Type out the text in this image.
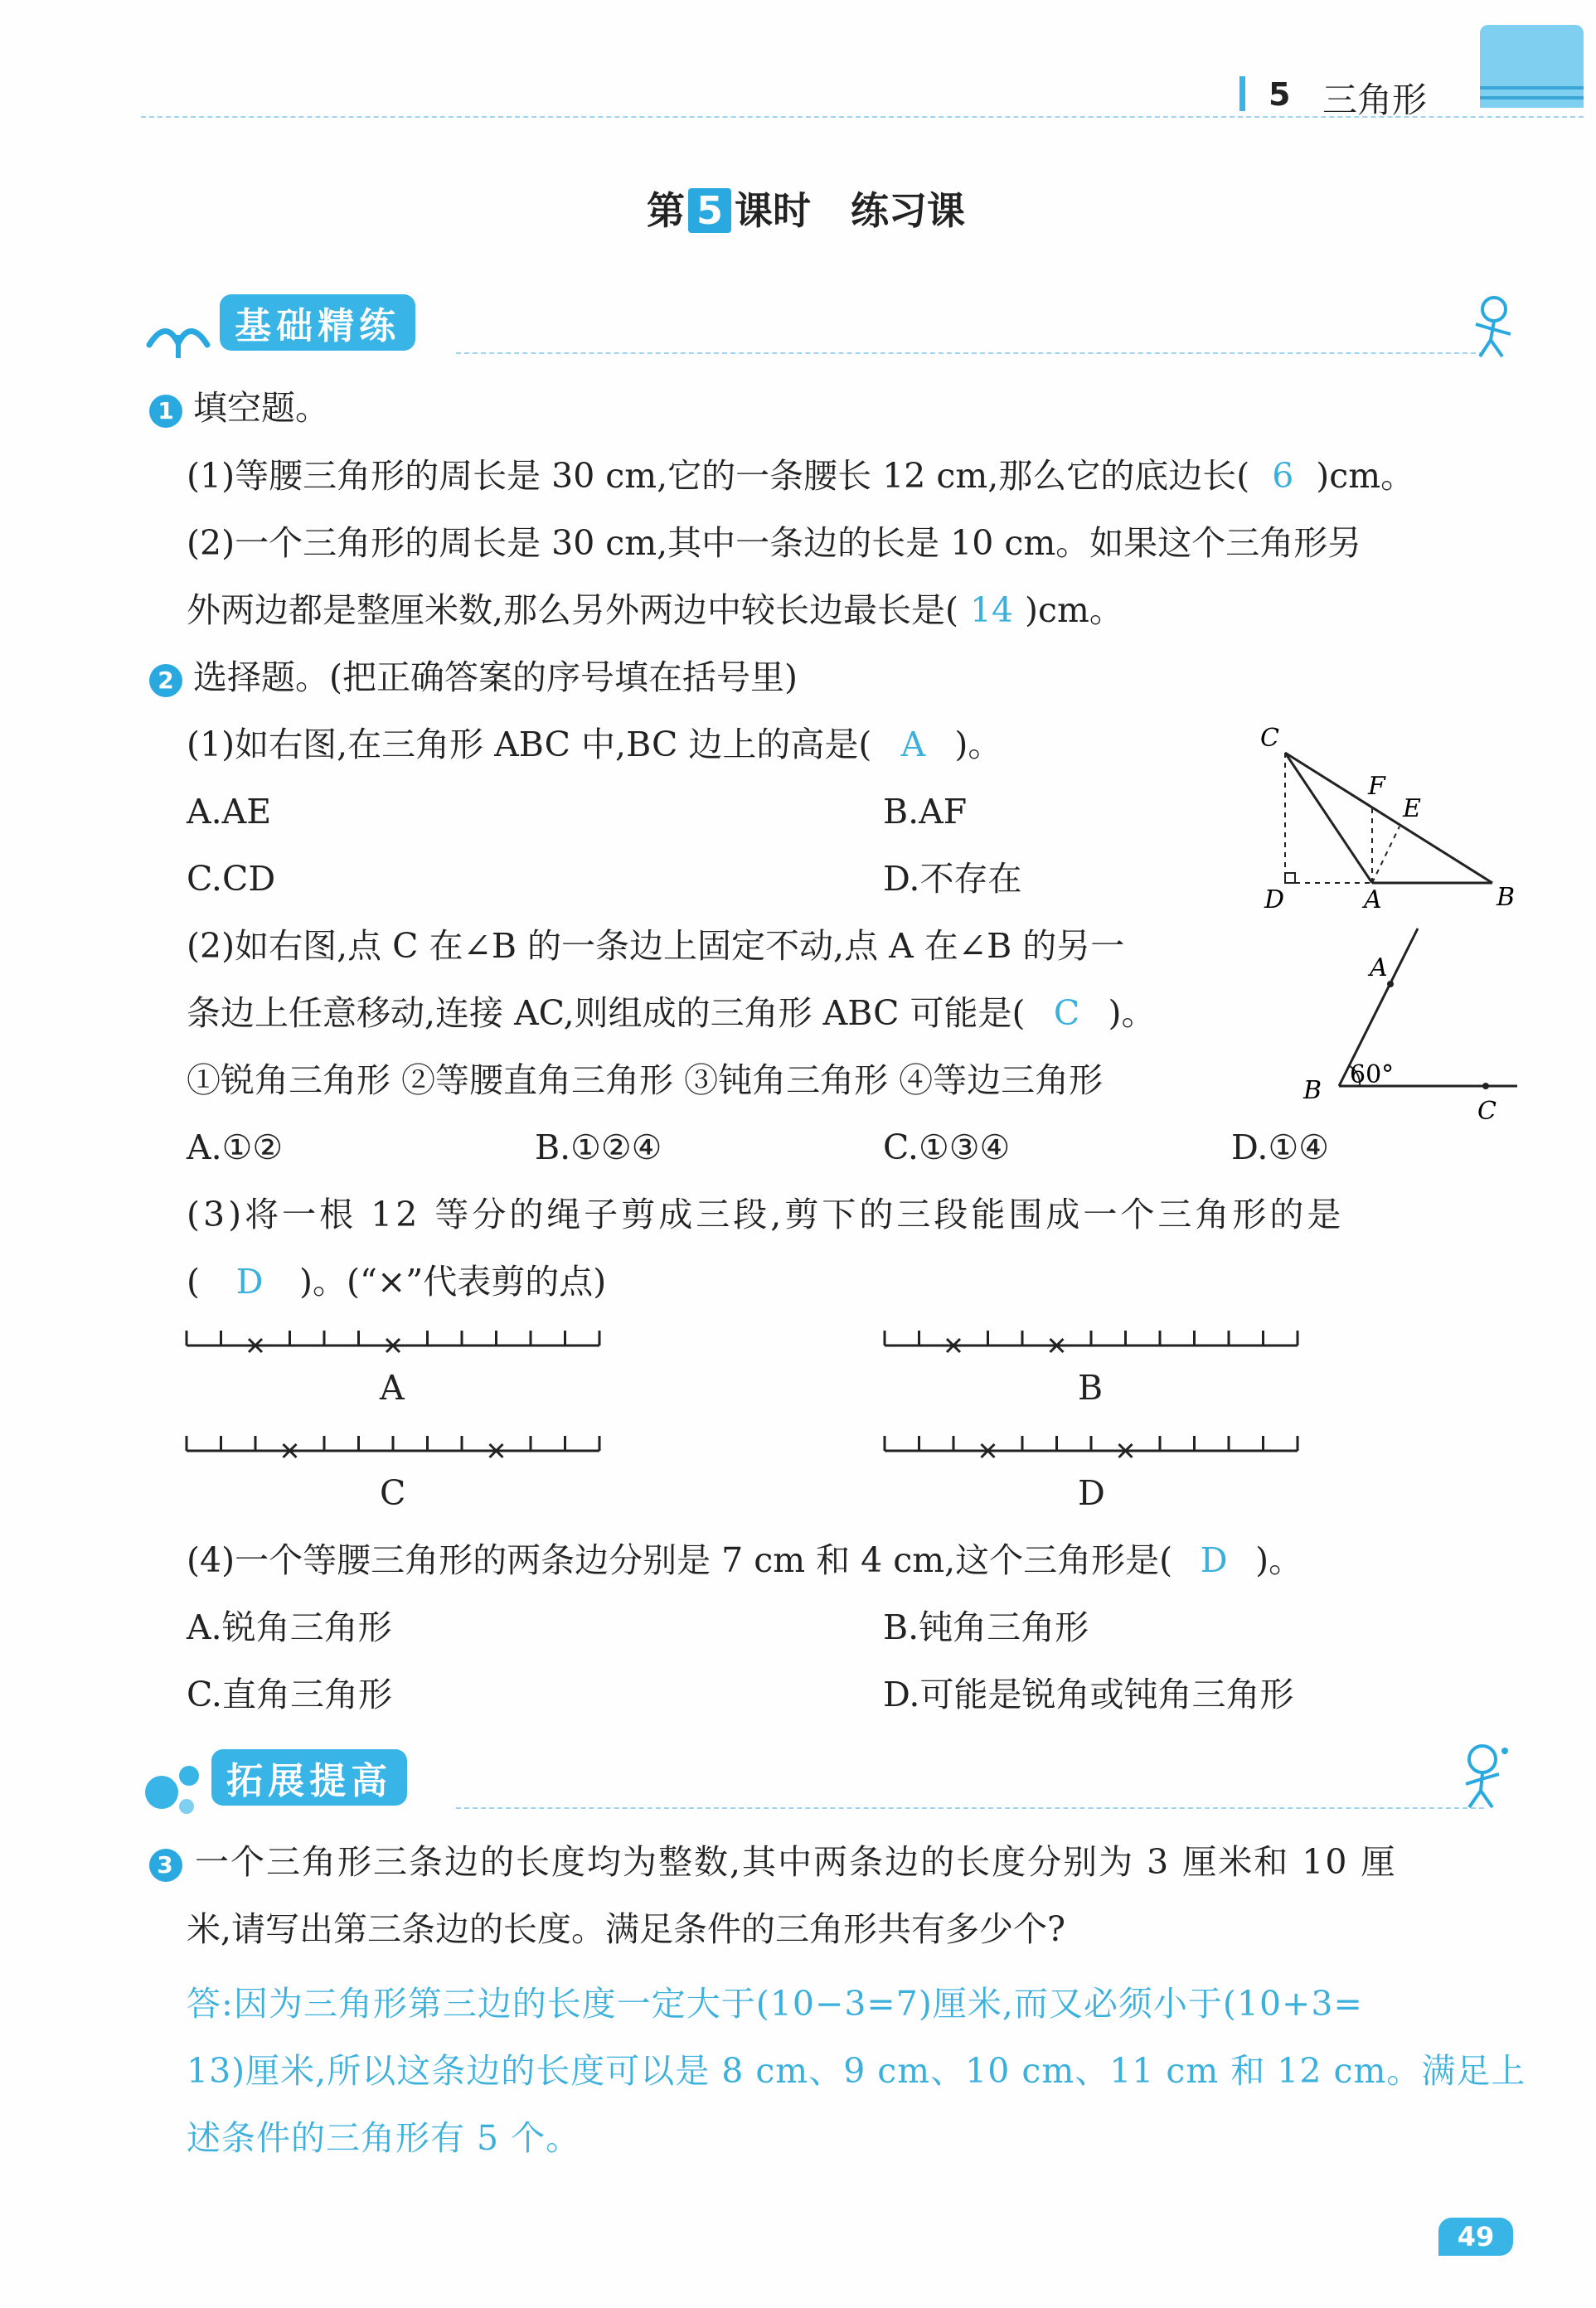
5 三角形
第 5 课时 练习课
基础精练
1 填空题。
(1)等腰三角形的周长是 30 cm,它的一条腰长 12 cm,那么它的底边长( 6 )cm。
(2)一个三角形的周长是 30 cm,其中一条边的长是 10 cm。如果这个三角形另
外两边都是整厘米数,那么另外两边中较长边最长是( 14 )cm。
2 选择题。(把正确答案的序号填在括号里)
(1)如右图,在三角形 ABC 中,BC 边上的高是( A )。
A.AE	B.AF
C.CD	D.不存在
C
F
E
D	A	B
(2)如右图,点 C 在∠B 的一条边上固定不动,点 A 在∠B 的另一
条边上任意移动,连接 AC,则组成的三角形 ABC 可能是( C )。
①锐角三角形 ②等腰直角三角形 ③钝角三角形 ④等边三角形
A.①②	B.①②④	C.①③④	D.①④
A
B
C
60°
(3)将一根 12 等分的绳子剪成三段,剪下的三段能围成一个三角形的是
( D )。(“×”代表剪的点)
A	B
C	D
(4)一个等腰三角形的两条边分别是 7 cm 和 4 cm,这个三角形是( D )。
A.锐角三角形	B.钝角三角形
C.直角三角形	D.可能是锐角或钝角三角形
拓展提高
3 一个三角形三条边的长度均为整数,其中两条边的长度分别为 3 厘米和 10 厘
米,请写出第三条边的长度。满足条件的三角形共有多少个?
答:因为三角形第三边的长度一定大于(10−3=7)厘米,而又必须小于(10+3=
13)厘米,所以这条边的长度可以是 8 cm、9 cm、10 cm、11 cm 和 12 cm。满足上
述条件的三角形有 5 个。
49
